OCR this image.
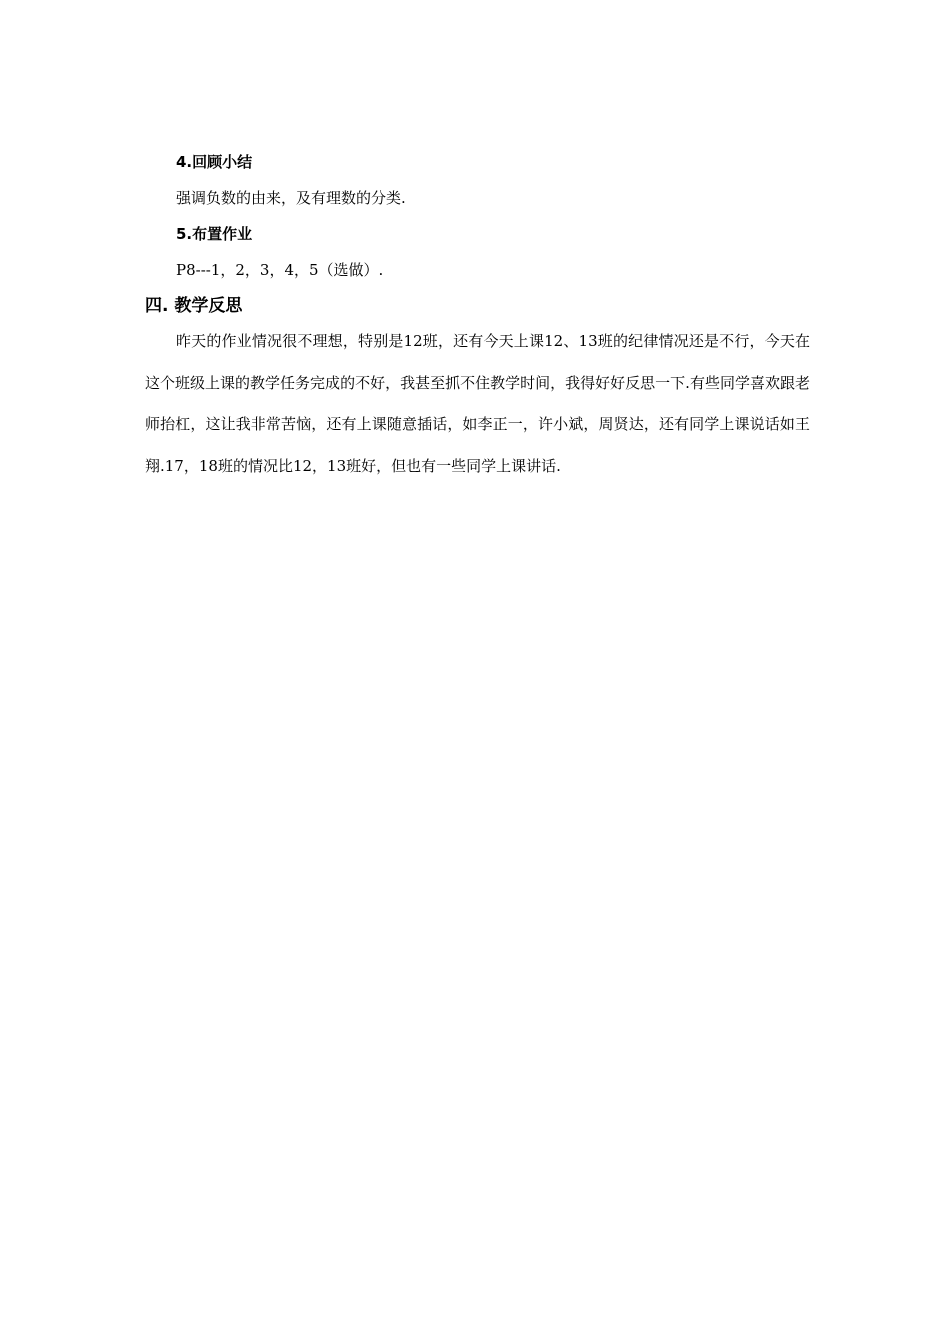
4.回顾小结
强调负数的由来，及有理数的分类.
5.布置作业
P8---1，2，3，4，5（选做）.
四. 教学反思
昨天的作业情况很不理想，特别是12班，还有今天上课12、13班的纪律情况还是不行，今天在这个班级上课的教学任务完成的不好，我甚至抓不住教学时间，我得好好反思一下.有些同学喜欢跟老师抬杠，这让我非常苦恼，还有上课随意插话，如李正一，许小斌，周贤达，还有同学上课说话如王翔.17，18班的情况比12，13班好，但也有一些同学上课讲话.
